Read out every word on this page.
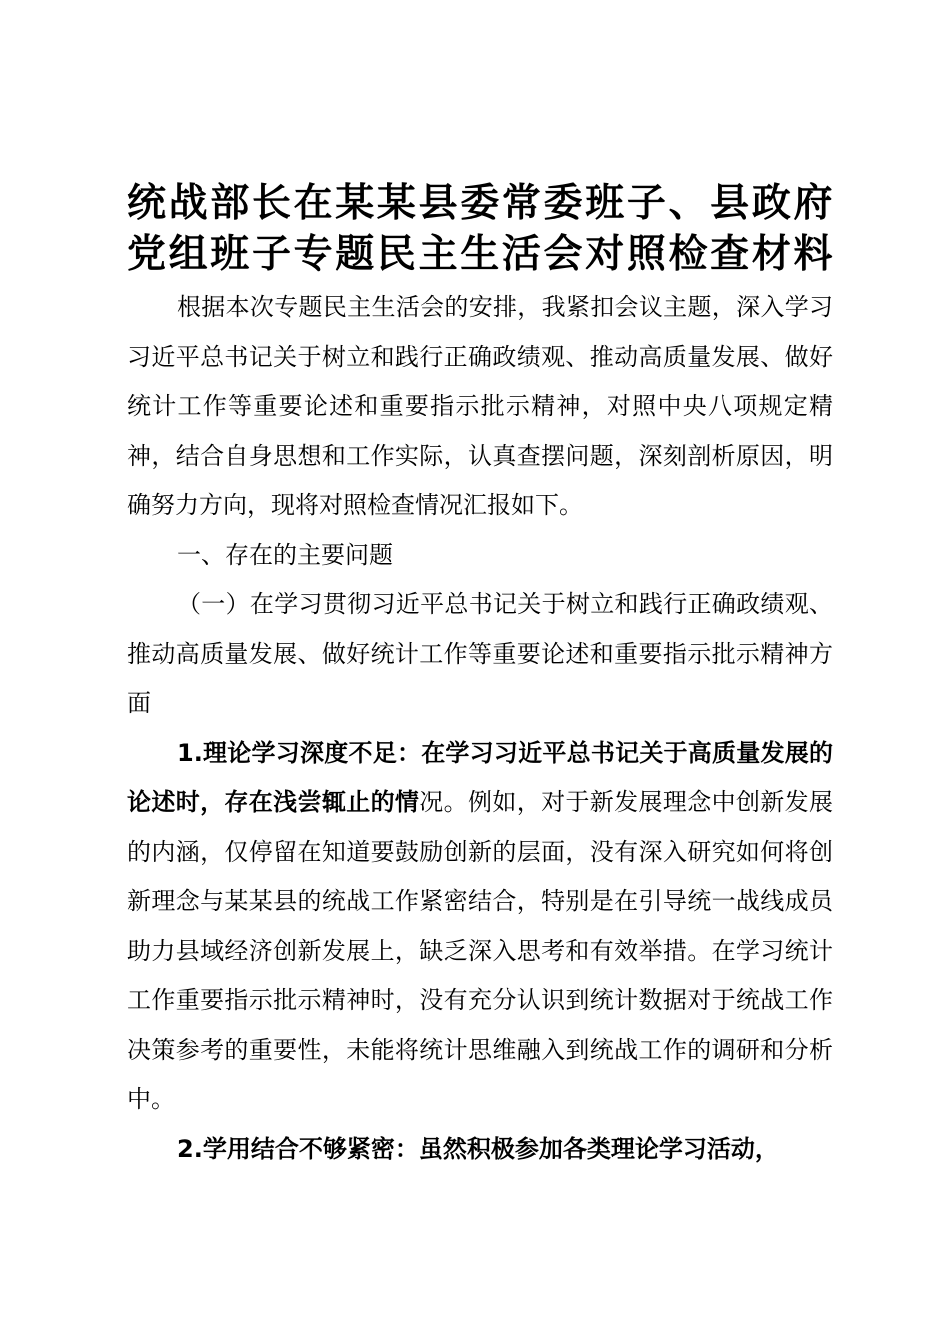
统战部长在某某县委常委班子、县政府
党组班子专题民主生活会对照检查材料

根据本次专题民主生活会的安排，我紧扣会议主题，深入学习习近平总书记关于树立和践行正确政绩观、推动高质量发展、做好统计工作等重要论述和重要指示批示精神，对照中央八项规定精神，结合自身思想和工作实际，认真查摆问题，深刻剖析原因，明确努力方向，现将对照检查情况汇报如下。

一、存在的主要问题

（一）在学习贯彻习近平总书记关于树立和践行正确政绩观、推动高质量发展、做好统计工作等重要论述和重要指示批示精神方面

1.理论学习深度不足：在学习习近平总书记关于高质量发展的论述时，存在浅尝辄止的情况。例如，对于新发展理念中创新发展的内涵，仅停留在知道要鼓励创新的层面，没有深入研究如何将创新理念与某某县的统战工作紧密结合，特别是在引导统一战线成员助力县域经济创新发展上，缺乏深入思考和有效举措。在学习统计工作重要指示批示精神时，没有充分认识到统计数据对于统战工作决策参考的重要性，未能将统计思维融入到统战工作的调研和分析中。

2.学用结合不够紧密：虽然积极参加各类理论学习活动，
